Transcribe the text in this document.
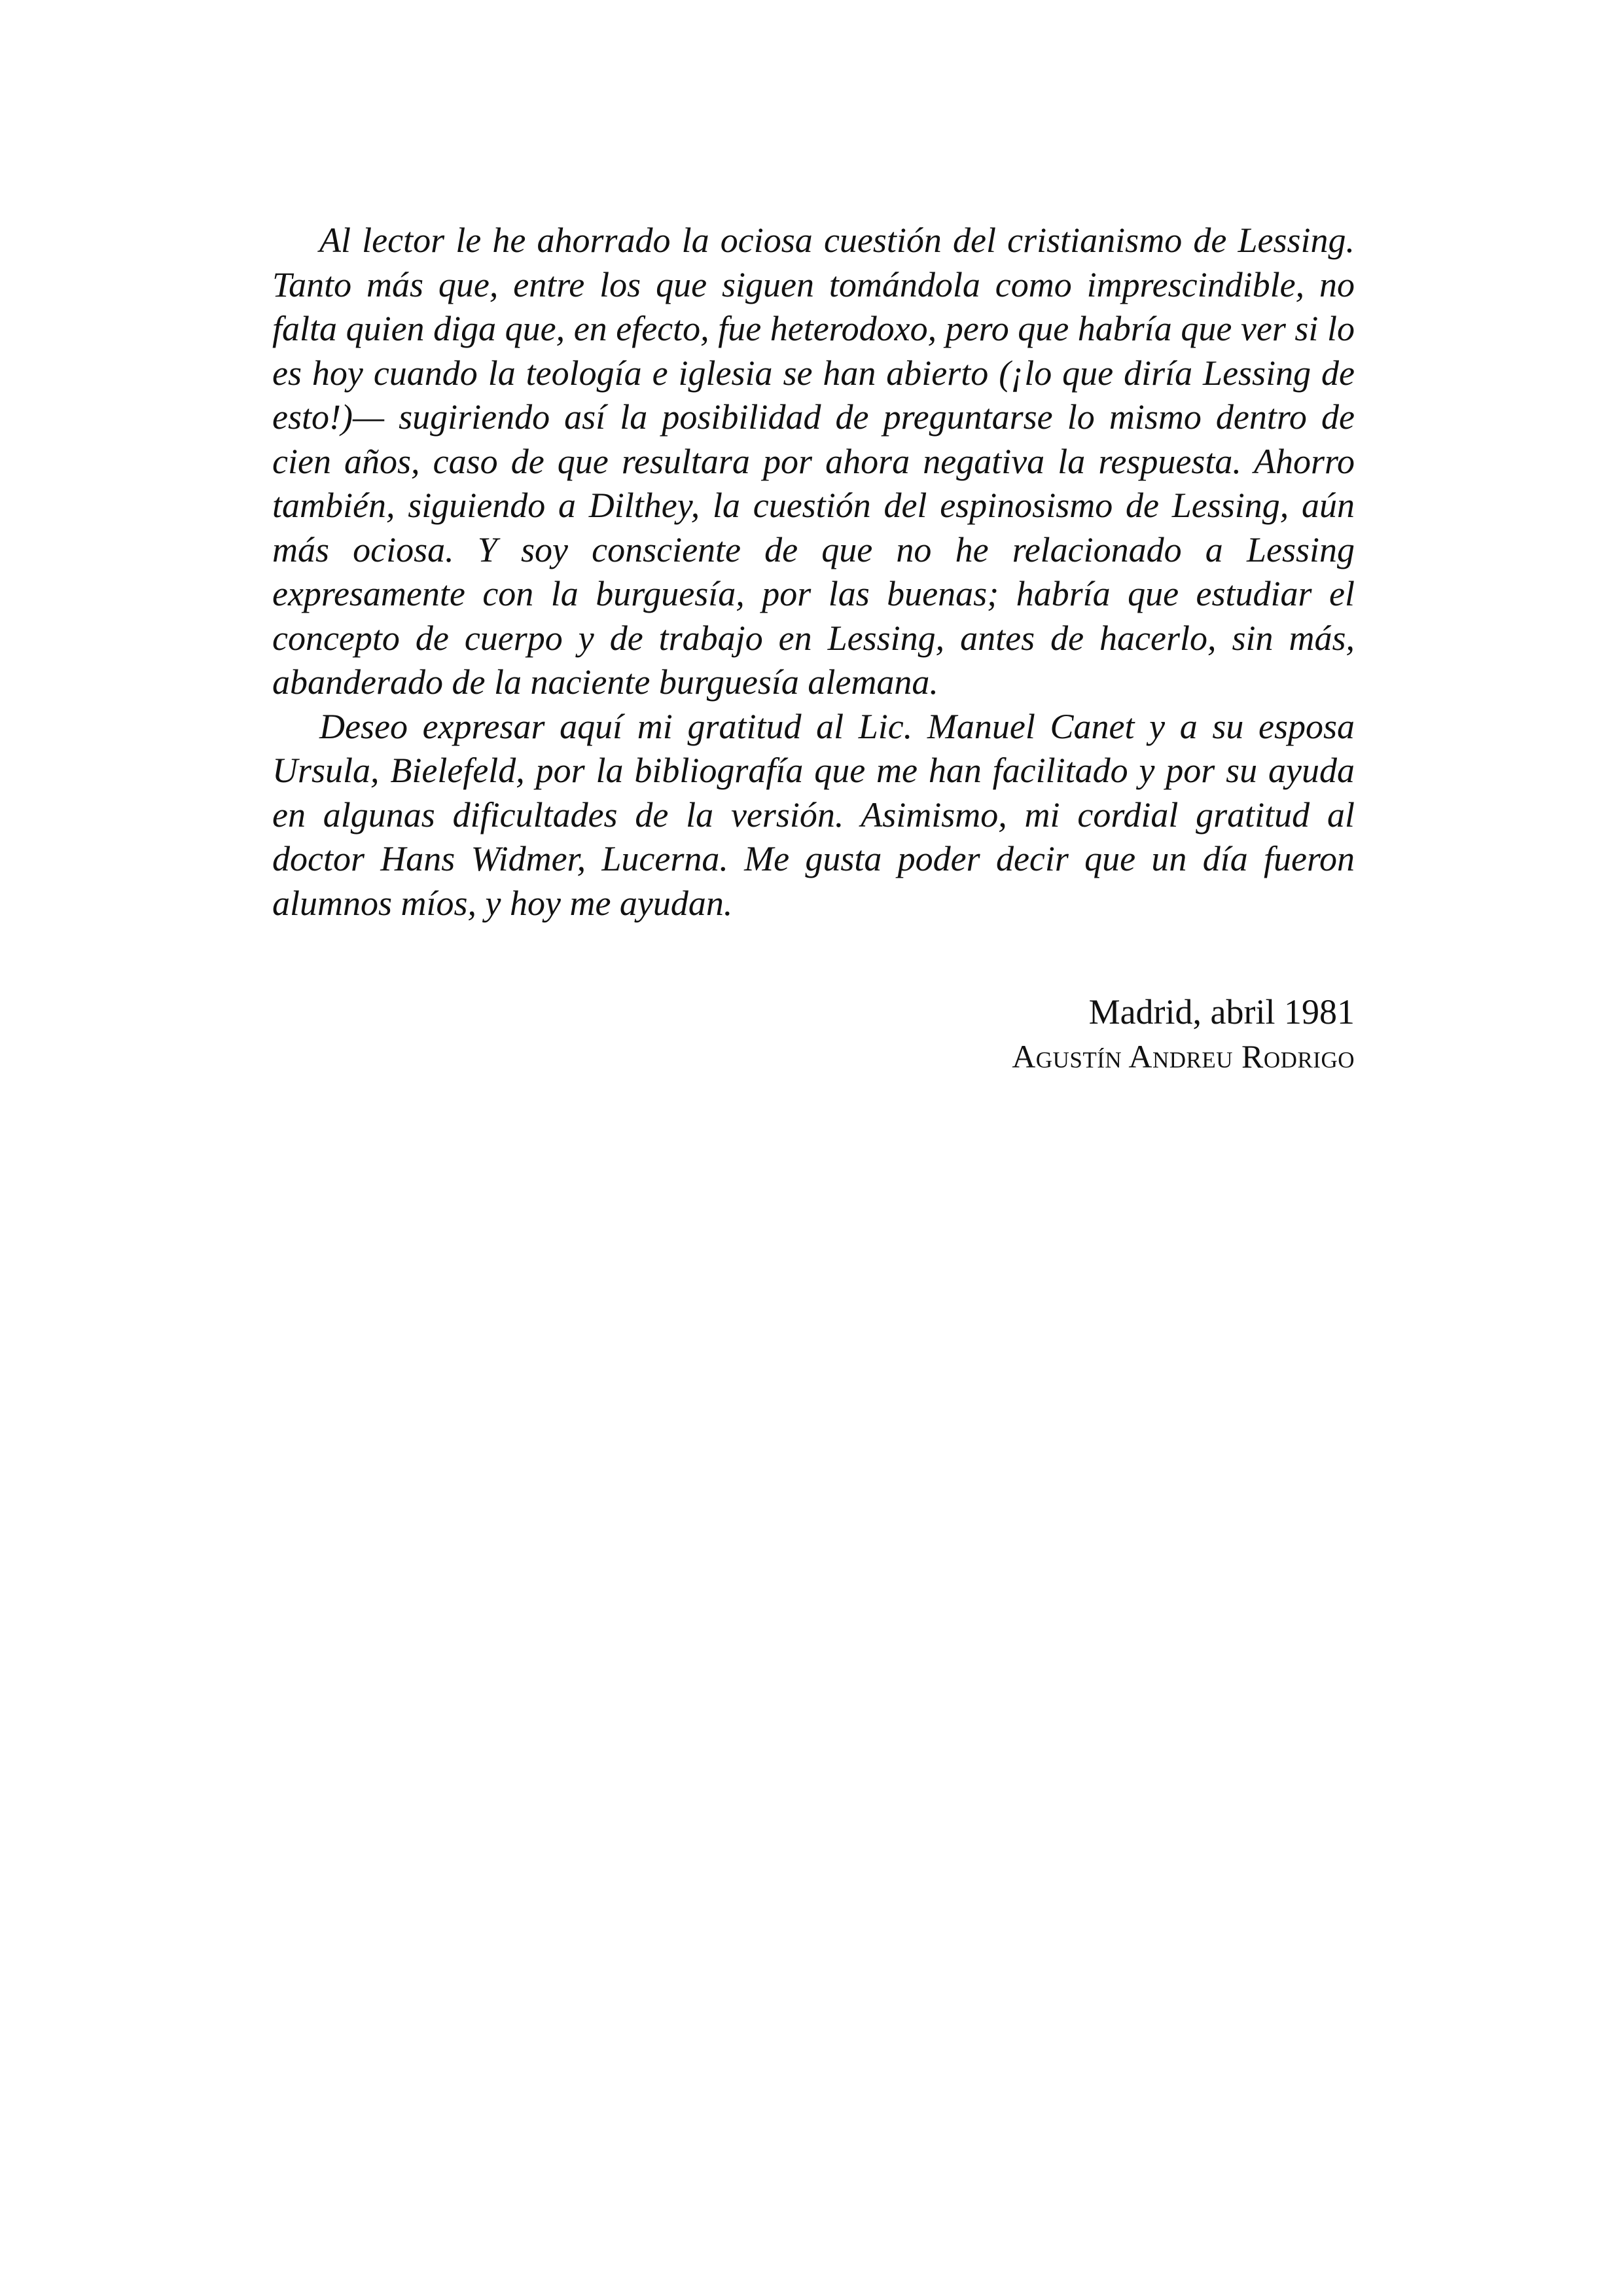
Al lector le he ahorrado la ociosa cuestión del cristianismo de Lessing. Tanto más que, entre los que siguen tomándola como imprescindible, no falta quien diga que, en efecto, fue heterodoxo, pero que habría que ver si lo es hoy cuando la teología e iglesia se han abierto (¡lo que diría Lessing de esto!)— sugiriendo así la posibilidad de preguntarse lo mismo dentro de cien años, caso de que resultara por ahora negativa la respuesta. Ahorro también, siguiendo a Dilthey, la cuestión del espinosismo de Lessing, aún más ociosa. Y soy consciente de que no he relacionado a Lessing expresamente con la burguesía, por las buenas; habría que estudiar el concepto de cuerpo y de trabajo en Lessing, antes de hacerlo, sin más, abanderado de la naciente burguesía alemana.

Deseo expresar aquí mi gratitud al Lic. Manuel Canet y a su esposa Ursula, Bielefeld, por la bibliografía que me han facilitado y por su ayuda en algunas dificultades de la versión. Asimismo, mi cordial gratitud al doctor Hans Widmer, Lucerna. Me gusta poder decir que un día fueron alumnos míos, y hoy me ayudan.

Madrid, abril 1981
Agustín Andreu Rodrigo
